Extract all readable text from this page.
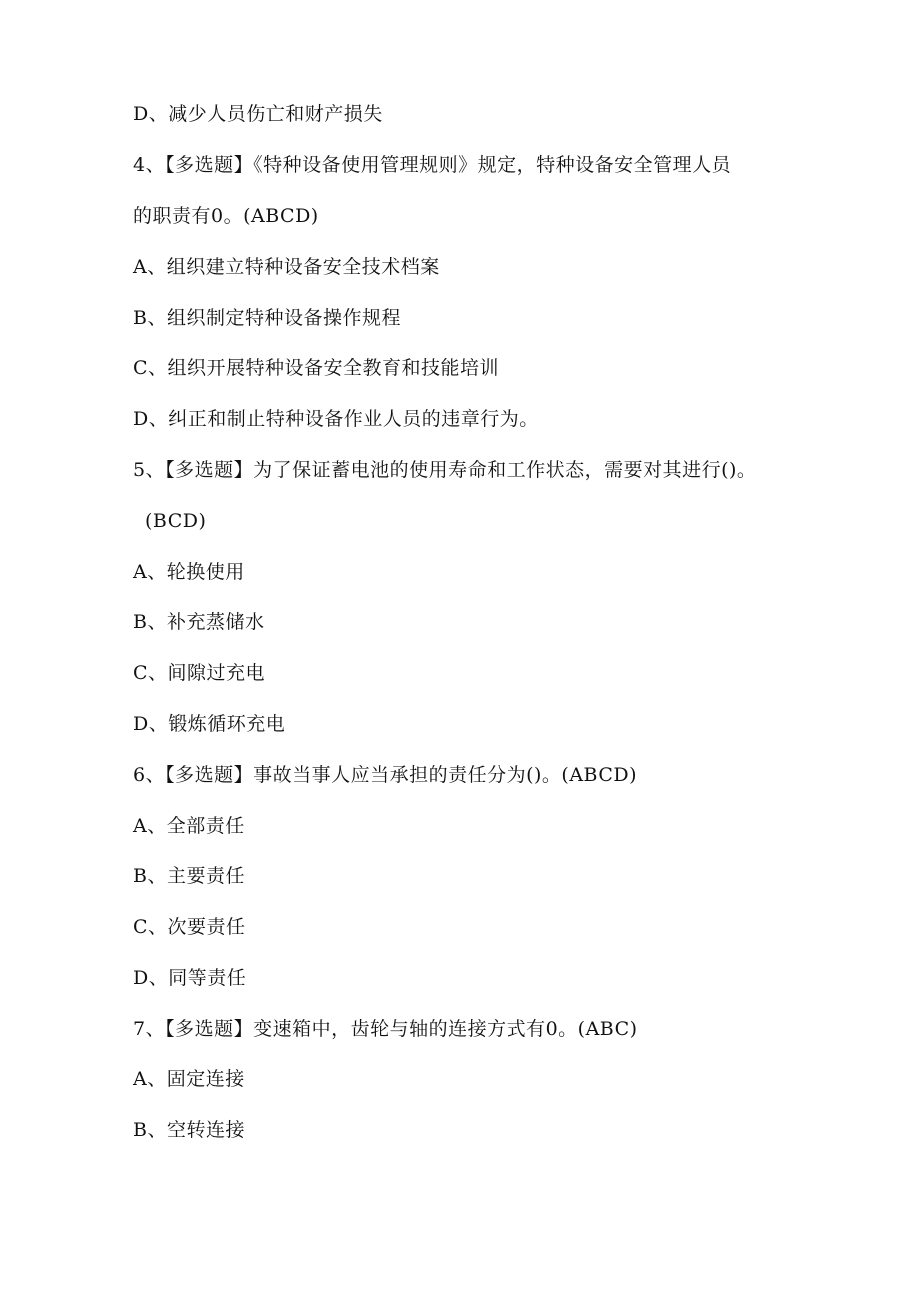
D、减少人员伤亡和财产损失
4、【多选题】《特种设备使用管理规则》规定，特种设备安全管理人员
的职责有0。(ABCD)
A、组织建立特种设备安全技术档案
B、组织制定特种设备操作规程
C、组织开展特种设备安全教育和技能培训
D、纠正和制止特种设备作业人员的违章行为。
5、【多选题】为了保证蓄电池的使用寿命和工作状态，需要对其进行()。
(BCD)
A、轮换使用
B、补充蒸储水
C、间隙过充电
D、锻炼循环充电
6、【多选题】事故当事人应当承担的责任分为()。(ABCD)
A、全部责任
B、主要责任
C、次要责任
D、同等责任
7、【多选题】变速箱中，齿轮与轴的连接方式有0。(ABC)
A、固定连接
B、空转连接
